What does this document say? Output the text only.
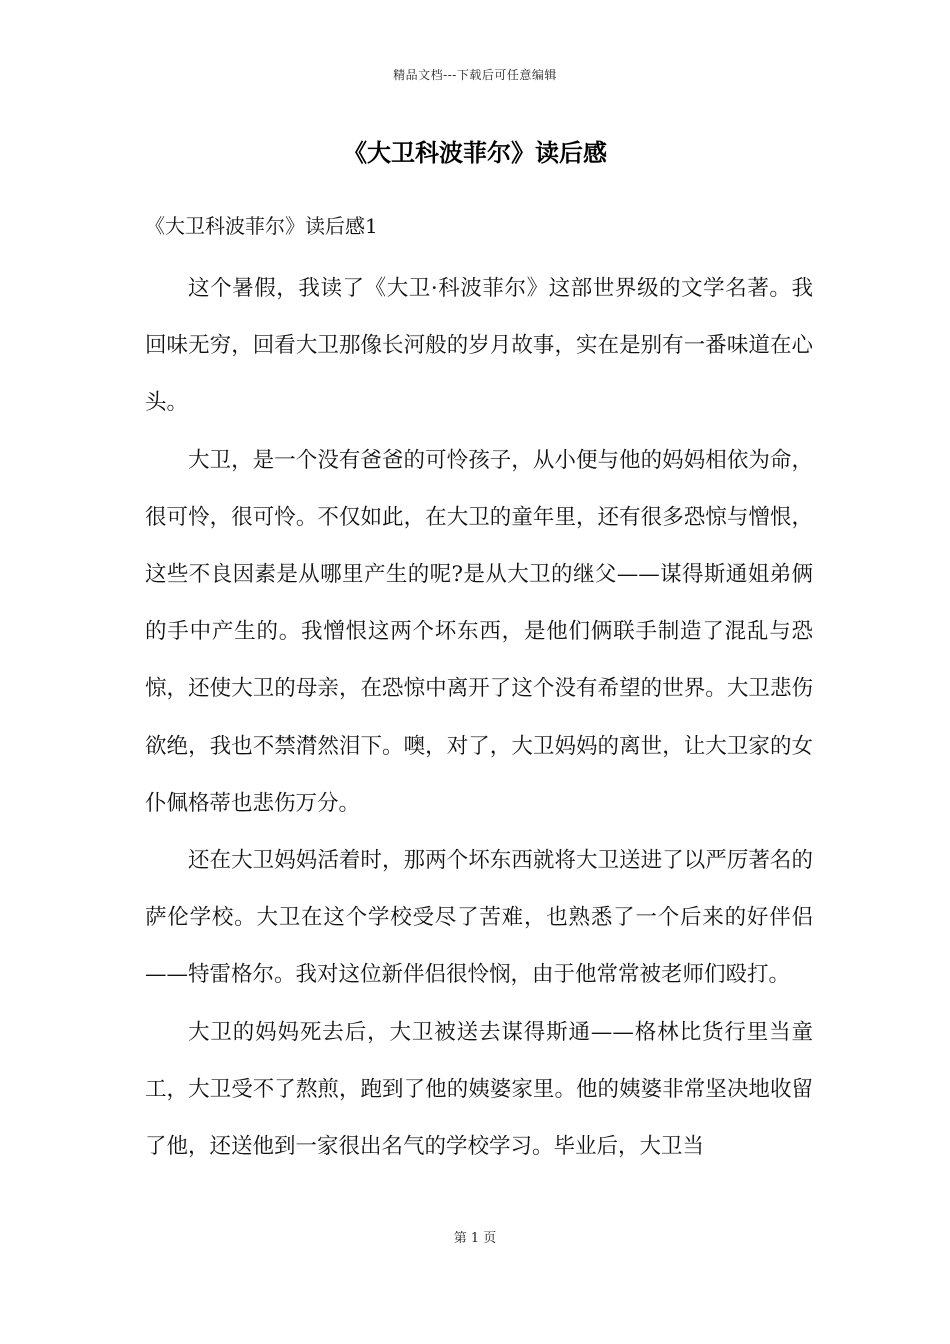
精品文档---下载后可任意编辑
《大卫科波菲尔》读后感
《大卫科波菲尔》读后感1

这个暑假，我读了《大卫·科波菲尔》这部世界级的文学名著。我回味无穷，回看大卫那像长河般的岁月故事，实在是别有一番味道在心头。

大卫，是一个没有爸爸的可怜孩子，从小便与他的妈妈相依为命，很可怜，很可怜。不仅如此，在大卫的童年里，还有很多恐惊与憎恨，这些不良因素是从哪里产生的呢?是从大卫的继父——谋得斯通姐弟俩的手中产生的。我憎恨这两个坏东西，是他们俩联手制造了混乱与恐惊，还使大卫的母亲，在恐惊中离开了这个没有希望的世界。大卫悲伤欲绝，我也不禁潸然泪下。噢，对了，大卫妈妈的离世，让大卫家的女仆佩格蒂也悲伤万分。

还在大卫妈妈活着时，那两个坏东西就将大卫送进了以严厉著名的萨伦学校。大卫在这个学校受尽了苦难，也熟悉了一个后来的好伴侣——特雷格尔。我对这位新伴侣很怜悯，由于他常常被老师们殴打。

大卫的妈妈死去后，大卫被送去谋得斯通——格林比货行里当童工，大卫受不了熬煎，跑到了他的姨婆家里。他的姨婆非常坚决地收留了他，还送他到一家很出名气的学校学习。毕业后，大卫当

第 1 页
